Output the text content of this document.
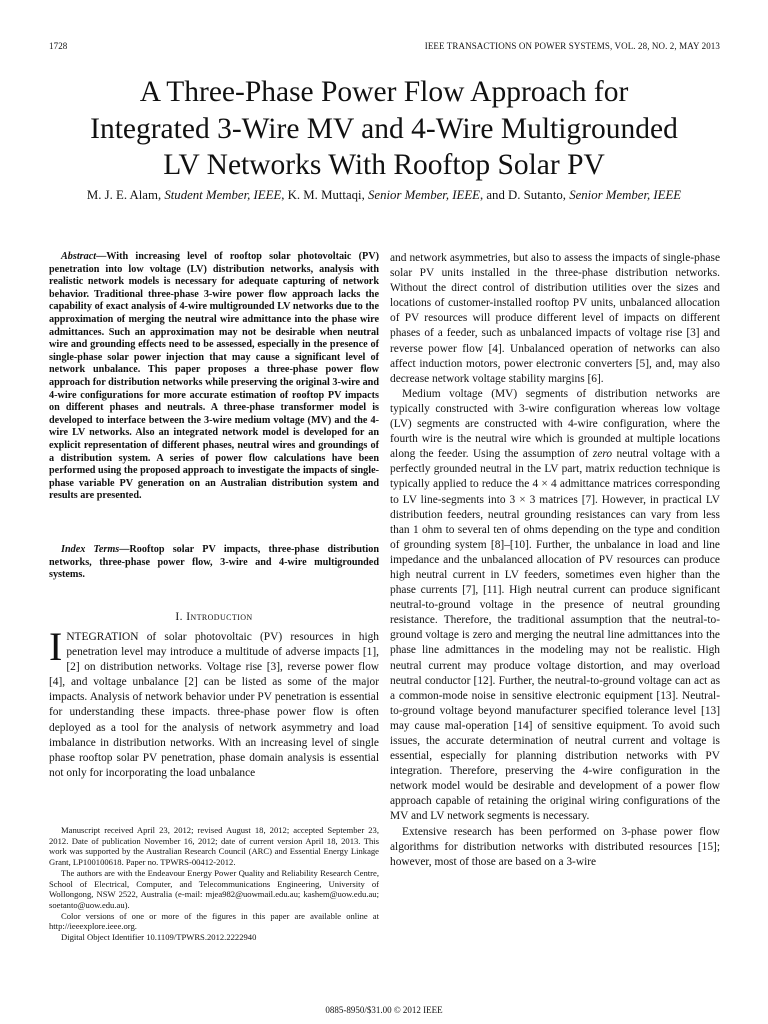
1728	IEEE TRANSACTIONS ON POWER SYSTEMS, VOL. 28, NO. 2, MAY 2013
A Three-Phase Power Flow Approach for
Integrated 3-Wire MV and 4-Wire Multigrounded
LV Networks With Rooftop Solar PV
M. J. E. Alam, Student Member, IEEE, K. M. Muttaqi, Senior Member, IEEE, and D. Sutanto, Senior Member, IEEE
Abstract—With increasing level of rooftop solar photovoltaic (PV) penetration into low voltage (LV) distribution networks, analysis with realistic network models is necessary for adequate capturing of network behavior. Traditional three-phase 3-wire power flow approach lacks the capability of exact analysis of 4-wire multigrounded LV networks due to the approximation of merging the neutral wire admittance into the phase wire admittances. Such an approximation may not be desirable when neutral wire and grounding effects need to be assessed, especially in the presence of single-phase solar power injection that may cause a significant level of network unbalance. This paper proposes a three-phase power flow approach for distribution networks while preserving the original 3-wire and 4-wire configurations for more accurate estimation of rooftop PV impacts on different phases and neutrals. A three-phase transformer model is developed to interface between the 3-wire medium voltage (MV) and the 4-wire LV networks. Also an integrated network model is developed for an explicit representation of different phases, neutral wires and groundings of a distribution system. A series of power flow calculations have been performed using the proposed approach to investigate the impacts of single-phase variable PV generation on an Australian distribution system and results are presented.
Index Terms—Rooftop solar PV impacts, three-phase distribution networks, three-phase power flow, 3-wire and 4-wire multigrounded systems.
I. Introduction
INTEGRATION of solar photovoltaic (PV) resources in high penetration level may introduce a multitude of adverse impacts [1], [2] on distribution networks. Voltage rise [3], reverse power flow [4], and voltage unbalance [2] can be listed as some of the major impacts. Analysis of network behavior under PV penetration is essential for understanding these impacts. three-phase power flow is often deployed as a tool for the analysis of network asymmetry and load imbalance in distribution networks. With an increasing level of single phase rooftop solar PV penetration, phase domain analysis is essential not only for incorporating the load unbalance

Manuscript received April 23, 2012; revised August 18, 2012; accepted September 23, 2012. Date of publication November 16, 2012; date of current version April 18, 2013. This work was supported by the Australian Research Council (ARC) and Essential Energy Linkage Grant, LP100100618. Paper no. TPWRS-00412-2012.

The authors are with the Endeavour Energy Power Quality and Reliability Research Centre, School of Electrical, Computer, and Telecommunications Engineering, University of Wollongong, NSW 2522, Australia (e-mail: mjea982@uowmail.edu.au; kashem@uow.edu.au; soetanto@uow.edu.au).

Color versions of one or more of the figures in this paper are available online at http://ieeexplore.ieee.org.

Digital Object Identifier 10.1109/TPWRS.2012.2222940

and network asymmetries, but also to assess the impacts of single-phase solar PV units installed in the three-phase distribution networks. Without the direct control of distribution utilities over the sizes and locations of customer-installed rooftop PV units, unbalanced allocation of PV resources will produce different level of impacts on different phases of a feeder, such as unbalanced impacts of voltage rise [3] and reverse power flow [4]. Unbalanced operation of networks can also affect induction motors, power electronic converters [5], and, may also decrease network voltage stability margins [6].

Medium voltage (MV) segments of distribution networks are typically constructed with 3-wire configuration whereas low voltage (LV) segments are constructed with 4-wire configuration, where the fourth wire is the neutral wire which is grounded at multiple locations along the feeder. Using the assumption of zero neutral voltage with a perfectly grounded neutral in the LV part, matrix reduction technique is typically applied to reduce the 4 × 4 admittance matrices corresponding to LV line-segments into 3 × 3 matrices [7]. However, in practical LV distribution feeders, neutral grounding resistances can vary from less than 1 ohm to several ten of ohms depending on the type and condition of grounding system [8]–[10]. Further, the unbalance in load and line impedance and the unbalanced allocation of PV resources can produce high neutral current in LV feeders, sometimes even higher than the phase currents [7], [11]. High neutral current can produce significant neutral-to-ground voltage in the presence of neutral grounding resistance. Therefore, the traditional assumption that the neutral-to-ground voltage is zero and merging the neutral line admittances into the phase line admittances in the modeling may not be realistic. High neutral current may produce voltage distortion, and may overload neutral conductor [12]. Further, the neutral-to-ground voltage can act as a common-mode noise in sensitive electronic equipment [13]. Neutral-to-ground voltage beyond manufacturer specified tolerance level [13] may cause mal-operation [14] of sensitive equipment. To avoid such issues, the accurate determination of neutral current and voltage is essential, especially for planning distribution networks with PV integration. Therefore, preserving the 4-wire configuration in the network model would be desirable and development of a power flow approach capable of retaining the original wiring configurations of the MV and LV network segments is necessary.

Extensive research has been performed on 3-phase power flow algorithms for distribution networks with distributed resources [15]; however, most of those are based on a 3-wire

0885-8950/$31.00 © 2012 IEEE
